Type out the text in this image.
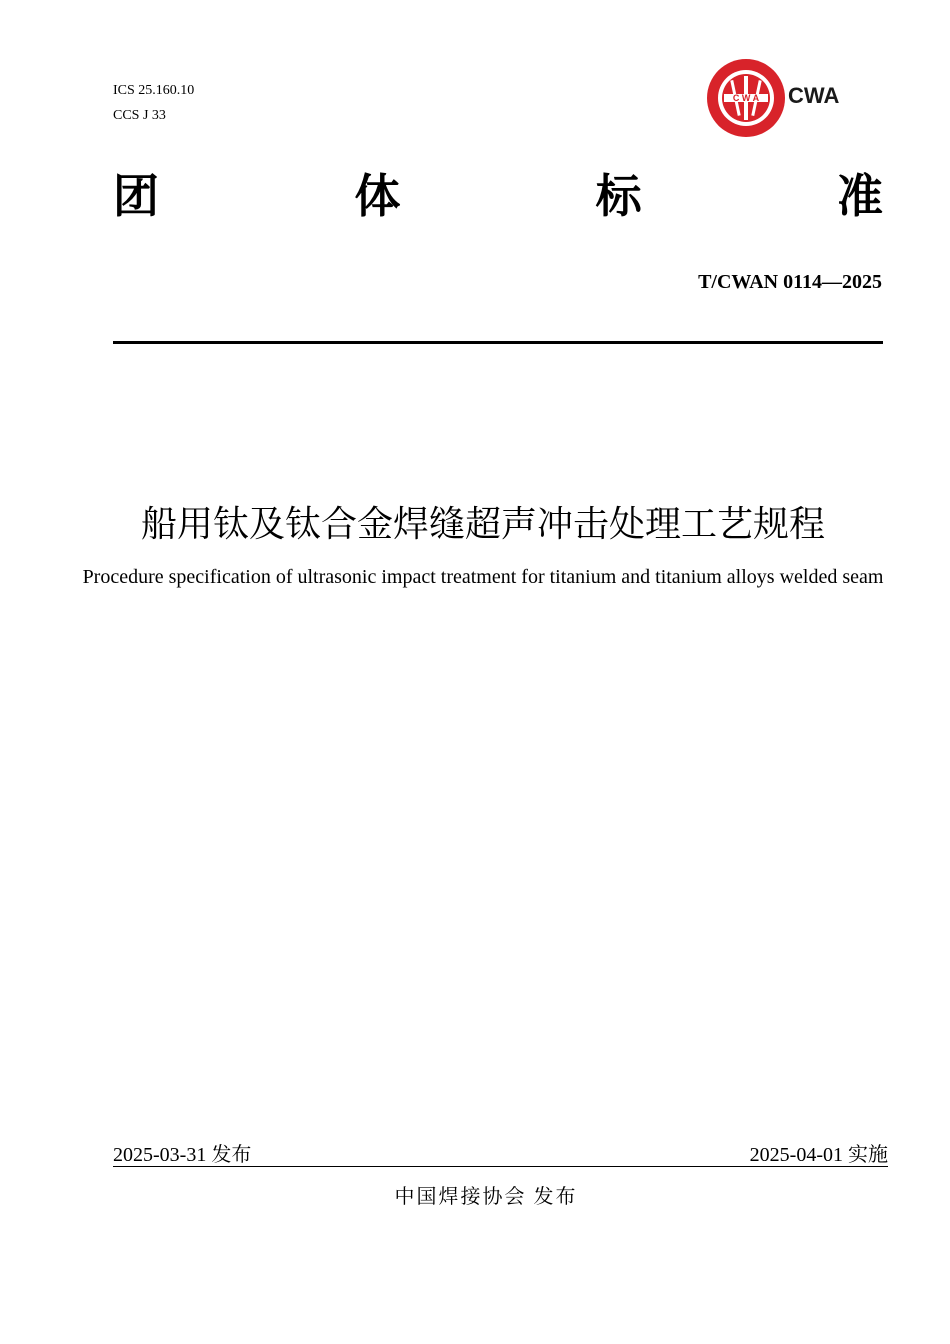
ICS 25.160.10
CCS J 33
C W A CWA
团	体	标	准
T/CWAN 0114—2025
船用钛及钛合金焊缝超声冲击处理工艺规程
Procedure specification of ultrasonic impact treatment for titanium and titanium alloys welded seam
2025-03-31 发布	2025-04-01 实施
中国焊接协会 发布
